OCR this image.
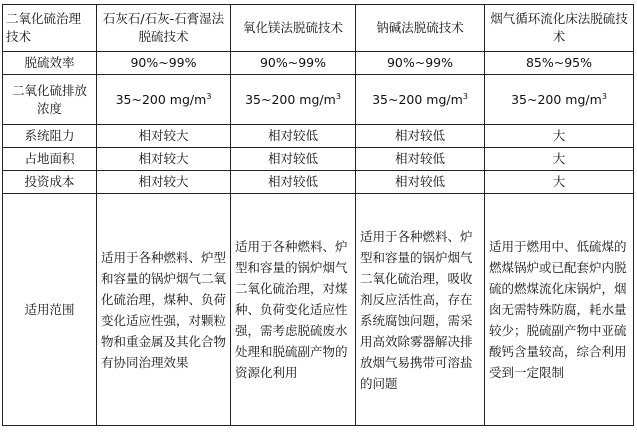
二氧化硫治理技术	石灰石/石灰-石膏湿法脱硫技术	氧化镁法脱硫技术	钠碱法脱硫技术	烟气循环流化床法脱硫技术
脱硫效率	90%~99%	90%~99%	90%~99%	85%~95%
二氧化硫排放浓度	35~200 $mg/m^3$	35~200 $mg/m^3$	35~200 $mg/m^3$	35~200 $mg/m^3$
系统阻力	相对较大	相对较低	相对较低	大
占地面积	相对较大	相对较低	相对较低	大
投资成本	相对较大	相对较低	相对较低	大
适用范围	适用于各种燃料、炉型和容量的锅炉烟气二氧化硫治理，煤种、负荷变化适应性强，对颗粒物和重金属及其化合物有协同治理效果	适用于各种燃料、炉型和容量的锅炉烟气二氧化硫治理，对煤种、负荷变化适应性强，需考虑脱硫废水处理和脱硫副产物的资源化利用	适用于各种燃料、炉型和容量的锅炉烟气二氧化硫治理，吸收剂反应活性高，存在系统腐蚀问题，需采用高效除雾器解决排放烟气易携带可溶盐的问题	适用于燃用中、低硫煤的燃煤锅炉或已配套炉内脱硫的燃煤流化床锅炉，烟囱无需特殊防腐，耗水量较少；脱硫副产物中亚硫酸钙含量较高，综合利用受到一定限制
